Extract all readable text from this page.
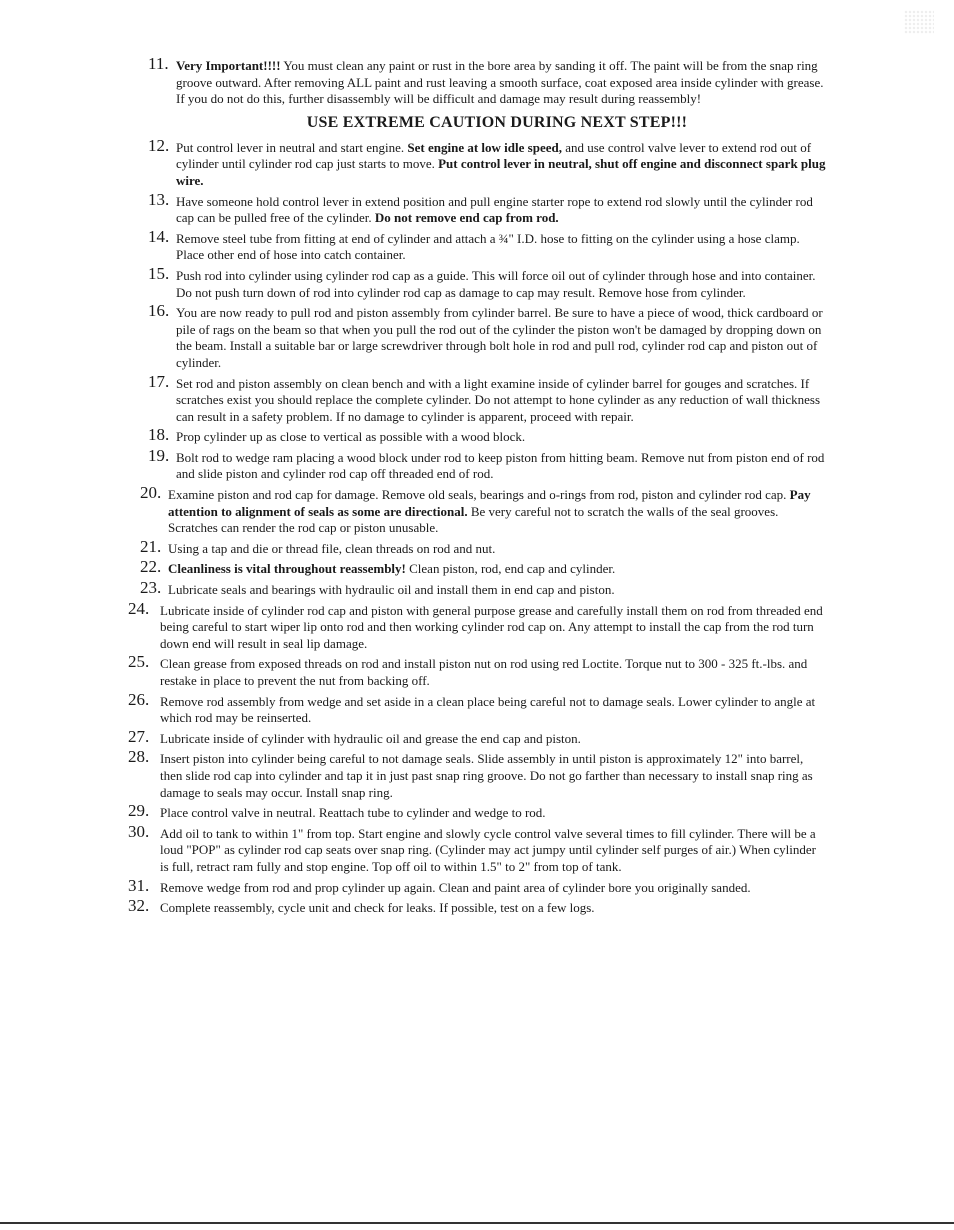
11. Very Important!!!! You must clean any paint or rust in the bore area by sanding it off. The paint will be from the snap ring groove outward. After removing ALL paint and rust leaving a smooth surface, coat exposed area inside cylinder with grease. If you do not do this, further disassembly will be difficult and damage may result during reassembly!
USE EXTREME CAUTION DURING NEXT STEP!!!
12. Put control lever in neutral and start engine. Set engine at low idle speed, and use control valve lever to extend rod out of cylinder until cylinder rod cap just starts to move. Put control lever in neutral, shut off engine and disconnect spark plug wire.
13. Have someone hold control lever in extend position and pull engine starter rope to extend rod slowly until the cylinder rod cap can be pulled free of the cylinder. Do not remove end cap from rod.
14. Remove steel tube from fitting at end of cylinder and attach a ¾" I.D. hose to fitting on the cylinder using a hose clamp. Place other end of hose into catch container.
15. Push rod into cylinder using cylinder rod cap as a guide. This will force oil out of cylinder through hose and into container. Do not push turn down of rod into cylinder rod cap as damage to cap may result. Remove hose from cylinder.
16. You are now ready to pull rod and piston assembly from cylinder barrel. Be sure to have a piece of wood, thick cardboard or pile of rags on the beam so that when you pull the rod out of the cylinder the piston won't be damaged by dropping down on the beam. Install a suitable bar or large screwdriver through bolt hole in rod and pull rod, cylinder rod cap and piston out of cylinder.
17. Set rod and piston assembly on clean bench and with a light examine inside of cylinder barrel for gouges and scratches. If scratches exist you should replace the complete cylinder. Do not attempt to hone cylinder as any reduction of wall thickness can result in a safety problem. If no damage to cylinder is apparent, proceed with repair.
18. Prop cylinder up as close to vertical as possible with a wood block.
19. Bolt rod to wedge ram placing a wood block under rod to keep piston from hitting beam. Remove nut from piston end of rod and slide piston and cylinder rod cap off threaded end of rod.
20. Examine piston and rod cap for damage. Remove old seals, bearings and o-rings from rod, piston and cylinder rod cap. Pay attention to alignment of seals as some are directional. Be very careful not to scratch the walls of the seal grooves. Scratches can render the rod cap or piston unusable.
21. Using a tap and die or thread file, clean threads on rod and nut.
22. Cleanliness is vital throughout reassembly! Clean piston, rod, end cap and cylinder.
23. Lubricate seals and bearings with hydraulic oil and install them in end cap and piston.
24. Lubricate inside of cylinder rod cap and piston with general purpose grease and carefully install them on rod from threaded end being careful to start wiper lip onto rod and then working cylinder rod cap on. Any attempt to install the cap from the rod turn down end will result in seal lip damage.
25. Clean grease from exposed threads on rod and install piston nut on rod using red Loctite. Torque nut to 300 - 325 ft.-lbs. and restake in place to prevent the nut from backing off.
26. Remove rod assembly from wedge and set aside in a clean place being careful not to damage seals. Lower cylinder to angle at which rod may be reinserted.
27. Lubricate inside of cylinder with hydraulic oil and grease the end cap and piston.
28. Insert piston into cylinder being careful to not damage seals. Slide assembly in until piston is approximately 12" into barrel, then slide rod cap into cylinder and tap it in just past snap ring groove. Do not go farther than necessary to install snap ring as damage to seals may occur. Install snap ring.
29. Place control valve in neutral. Reattach tube to cylinder and wedge to rod.
30. Add oil to tank to within 1" from top. Start engine and slowly cycle control valve several times to fill cylinder. There will be a loud "POP" as cylinder rod cap seats over snap ring. (Cylinder may act jumpy until cylinder self purges of air.) When cylinder is full, retract ram fully and stop engine. Top off oil to within 1.5" to 2" from top of tank.
31. Remove wedge from rod and prop cylinder up again. Clean and paint area of cylinder bore you originally sanded.
32. Complete reassembly, cycle unit and check for leaks. If possible, test on a few logs.
